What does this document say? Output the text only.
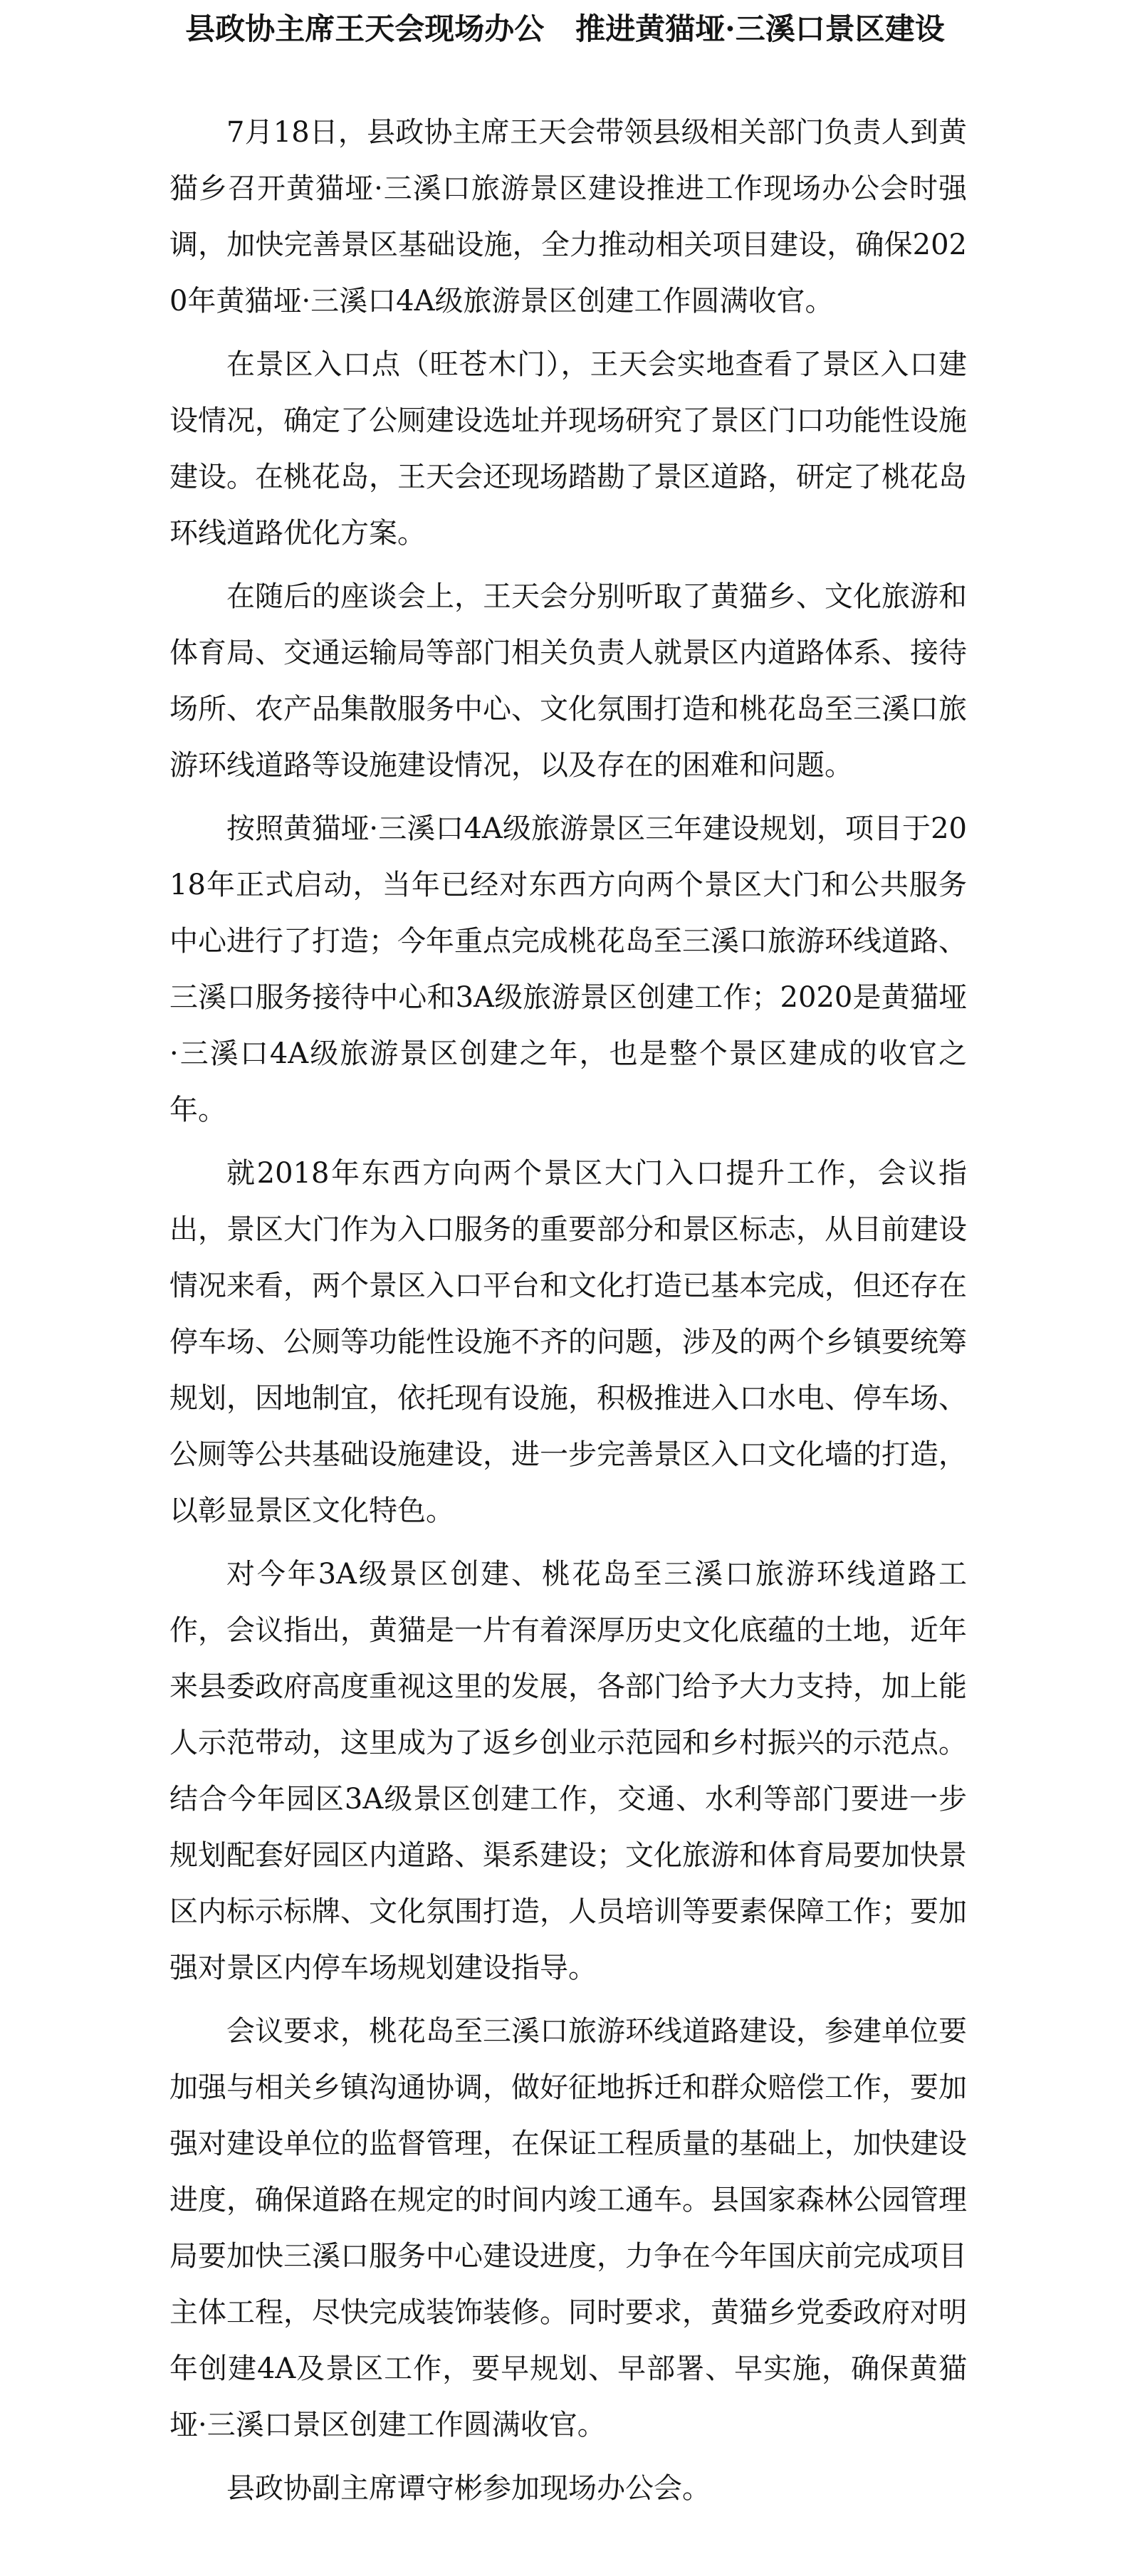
县政协主席王天会现场办公   推进黄猫垭·三溪口景区建设

7月18日，县政协主席王天会带领县级相关部门负责人到黄猫乡召开黄猫垭·三溪口旅游景区建设推进工作现场办公会时强调，加快完善景区基础设施，全力推动相关项目建设，确保2020年黄猫垭·三溪口4A级旅游景区创建工作圆满收官。

在景区入口点（旺苍木门），王天会实地查看了景区入口建设情况，确定了公厕建设选址并现场研究了景区门口功能性设施建设。在桃花岛，王天会还现场踏勘了景区道路，研定了桃花岛环线道路优化方案。

在随后的座谈会上，王天会分别听取了黄猫乡、文化旅游和体育局、交通运输局等部门相关负责人就景区内道路体系、接待场所、农产品集散服务中心、文化氛围打造和桃花岛至三溪口旅游环线道路等设施建设情况，以及存在的困难和问题。

按照黄猫垭·三溪口4A级旅游景区三年建设规划，项目于2018年正式启动，当年已经对东西方向两个景区大门和公共服务中心进行了打造；今年重点完成桃花岛至三溪口旅游环线道路、三溪口服务接待中心和3A级旅游景区创建工作；2020是黄猫垭·三溪口4A级旅游景区创建之年，也是整个景区建成的收官之年。

就2018年东西方向两个景区大门入口提升工作，会议指出，景区大门作为入口服务的重要部分和景区标志，从目前建设情况来看，两个景区入口平台和文化打造已基本完成，但还存在停车场、公厕等功能性设施不齐的问题，涉及的两个乡镇要统筹规划，因地制宜，依托现有设施，积极推进入口水电、停车场、公厕等公共基础设施建设，进一步完善景区入口文化墙的打造，以彰显景区文化特色。

对今年3A级景区创建、桃花岛至三溪口旅游环线道路工作，会议指出，黄猫是一片有着深厚历史文化底蕴的土地，近年来县委政府高度重视这里的发展，各部门给予大力支持，加上能人示范带动，这里成为了返乡创业示范园和乡村振兴的示范点。结合今年园区3A级景区创建工作，交通、水利等部门要进一步规划配套好园区内道路、渠系建设；文化旅游和体育局要加快景区内标示标牌、文化氛围打造，人员培训等要素保障工作；要加强对景区内停车场规划建设指导。

会议要求，桃花岛至三溪口旅游环线道路建设，参建单位要加强与相关乡镇沟通协调，做好征地拆迁和群众赔偿工作，要加强对建设单位的监督管理，在保证工程质量的基础上，加快建设进度，确保道路在规定的时间内竣工通车。县国家森林公园管理局要加快三溪口服务中心建设进度，力争在今年国庆前完成项目主体工程，尽快完成装饰装修。同时要求，黄猫乡党委政府对明年创建4A及景区工作，要早规划、早部署、早实施，确保黄猫垭·三溪口景区创建工作圆满收官。

县政协副主席谭守彬参加现场办公会。
